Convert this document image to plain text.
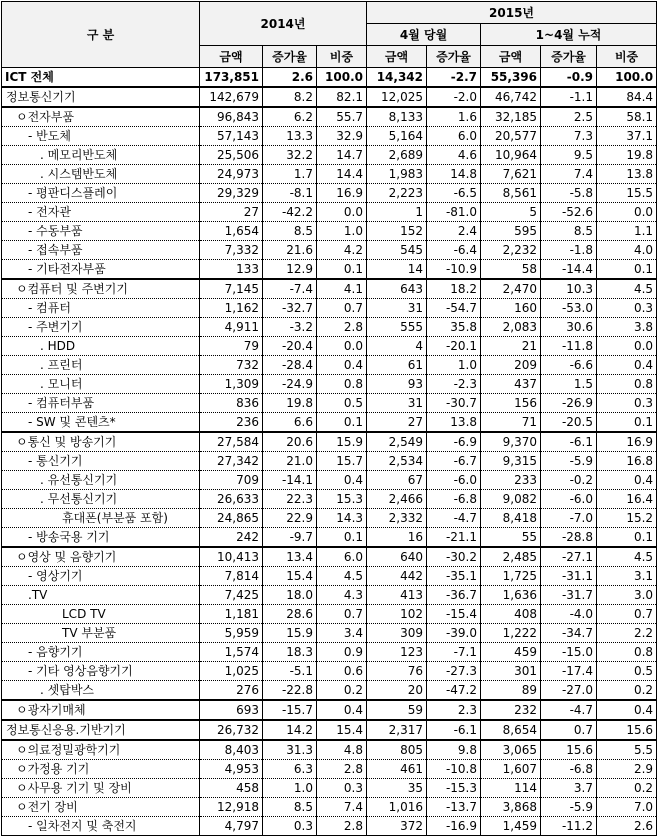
구 분	2014년			2015년				
				4월 당월		1~4월 누적		
	금액	증가율	비중	금액	증가율	금액	증가율	비중
ICT 전체	173,851	2.6	100.0	14,342	-2.7	55,396	-0.9	100.0
정보통신기기	142,679	8.2	82.1	12,025	-2.0	46,742	-1.1	84.4
ㅇ전자부품	96,843	6.2	55.7	8,133	1.6	32,185	2.5	58.1
- 반도체	57,143	13.3	32.9	5,164	6.0	20,577	7.3	37.1
. 메모리반도체	25,506	32.2	14.7	2,689	4.6	10,964	9.5	19.8
. 시스템반도체	24,973	1.7	14.4	1,983	14.8	7,621	7.4	13.8
- 평판디스플레이	29,329	-8.1	16.9	2,223	-6.5	8,561	-5.8	15.5
- 전자관	27	-42.2	0.0	1	-81.0	5	-52.6	0.0
- 수동부품	1,654	8.5	1.0	152	2.4	595	8.5	1.1
- 접속부품	7,332	21.6	4.2	545	-6.4	2,232	-1.8	4.0
- 기타전자부품	133	12.9	0.1	14	-10.9	58	-14.4	0.1
ㅇ컴퓨터 및 주변기기	7,145	-7.4	4.1	643	18.2	2,470	10.3	4.5
- 컴퓨터	1,162	-32.7	0.7	31	-54.7	160	-53.0	0.3
- 주변기기	4,911	-3.2	2.8	555	35.8	2,083	30.6	3.8
. HDD	79	-20.4	0.0	4	-20.1	21	-11.8	0.0
. 프린터	732	-28.4	0.4	61	1.0	209	-6.6	0.4
. 모니터	1,309	-24.9	0.8	93	-2.3	437	1.5	0.8
- 컴퓨터부품	836	19.8	0.5	31	-30.7	156	-26.9	0.3
- SW 및 콘텐츠*	236	6.6	0.1	27	13.8	71	-20.5	0.1
ㅇ통신 및 방송기기	27,584	20.6	15.9	2,549	-6.9	9,370	-6.1	16.9
- 통신기기	27,342	21.0	15.7	2,534	-6.7	9,315	-5.9	16.8
. 유선통신기기	709	-14.1	0.4	67	-6.0	233	-0.2	0.4
. 무선통신기기	26,633	22.3	15.3	2,466	-6.8	9,082	-6.0	16.4
휴대폰(부분품 포함)	24,865	22.9	14.3	2,332	-4.7	8,418	-7.0	15.2
- 방송국용 기기	242	-9.7	0.1	16	-21.1	55	-28.8	0.1
ㅇ영상 및 음향기기	10,413	13.4	6.0	640	-30.2	2,485	-27.1	4.5
- 영상기기	7,814	15.4	4.5	442	-35.1	1,725	-31.1	3.1
.TV	7,425	18.0	4.3	413	-36.7	1,636	-31.7	3.0
LCD TV	1,181	28.6	0.7	102	-15.4	408	-4.0	0.7
TV 부분품	5,959	15.9	3.4	309	-39.0	1,222	-34.7	2.2
- 음향기기	1,574	18.3	0.9	123	-7.1	459	-15.0	0.8
- 기타 영상음향기기	1,025	-5.1	0.6	76	-27.3	301	-17.4	0.5
. 셋탑박스	276	-22.8	0.2	20	-47.2	89	-27.0	0.2
ㅇ광자기매체	693	-15.7	0.4	59	2.3	232	-4.7	0.4
정보통신응용.기반기기	26,732	14.2	15.4	2,317	-6.1	8,654	0.7	15.6
ㅇ의료정밀광학기기	8,403	31.3	4.8	805	9.8	3,065	15.6	5.5
ㅇ가정용 기기	4,953	6.3	2.8	461	-10.8	1,607	-6.8	2.9
ㅇ사무용 기기 및 장비	458	1.0	0.3	35	-15.3	114	3.7	0.2
ㅇ전기 장비	12,918	8.5	7.4	1,016	-13.7	3,868	-5.9	7.0
- 일차전지 및 축전지	4,797	0.3	2.8	372	-16.9	1,459	-11.2	2.6
